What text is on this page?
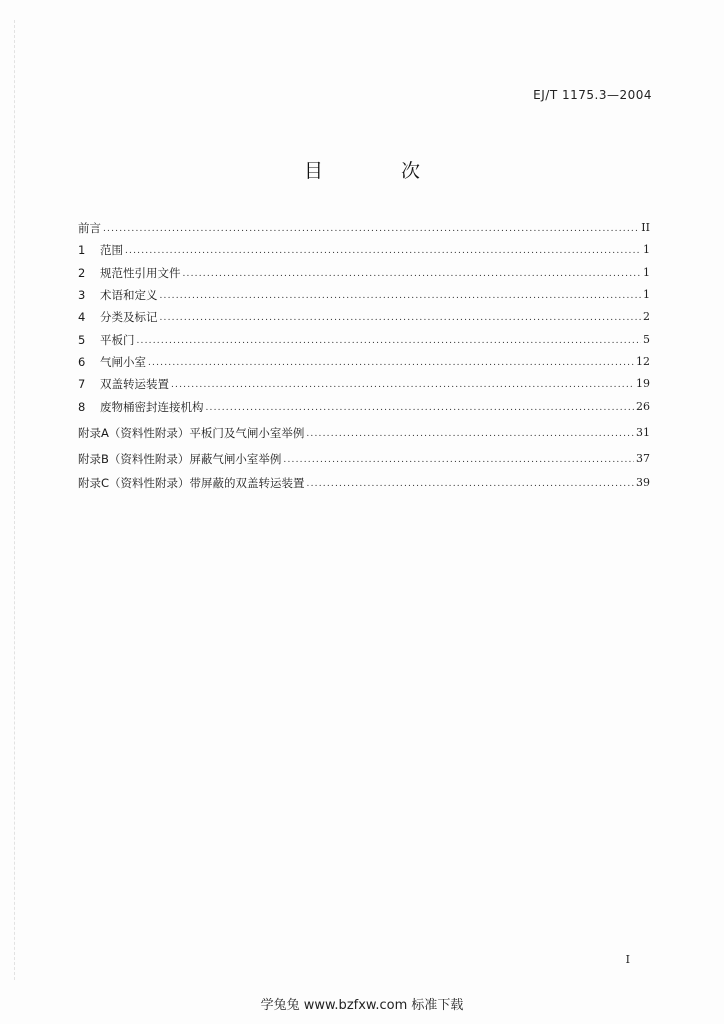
EJ/T 1175.3—2004
目 次
前言 .....	II
1 范围 .....	1
2 规范性引用文件 .....	1
3 术语和定义 .....	1
4 分类及标记 .....	2
5 平板门 .....	5
6 气闸小室 .....	12
7 双盖转运装置 .....	19
8 废物桶密封连接机构 .....	26
附录A（资料性附录）平板门及气闸小室举例 .....	31
附录B（资料性附录）屏蔽气闸小室举例 .....	37
附录C（资料性附录）带屏蔽的双盖转运装置 .....	39
I
学兔兔 www.bzfxw.com 标准下载
